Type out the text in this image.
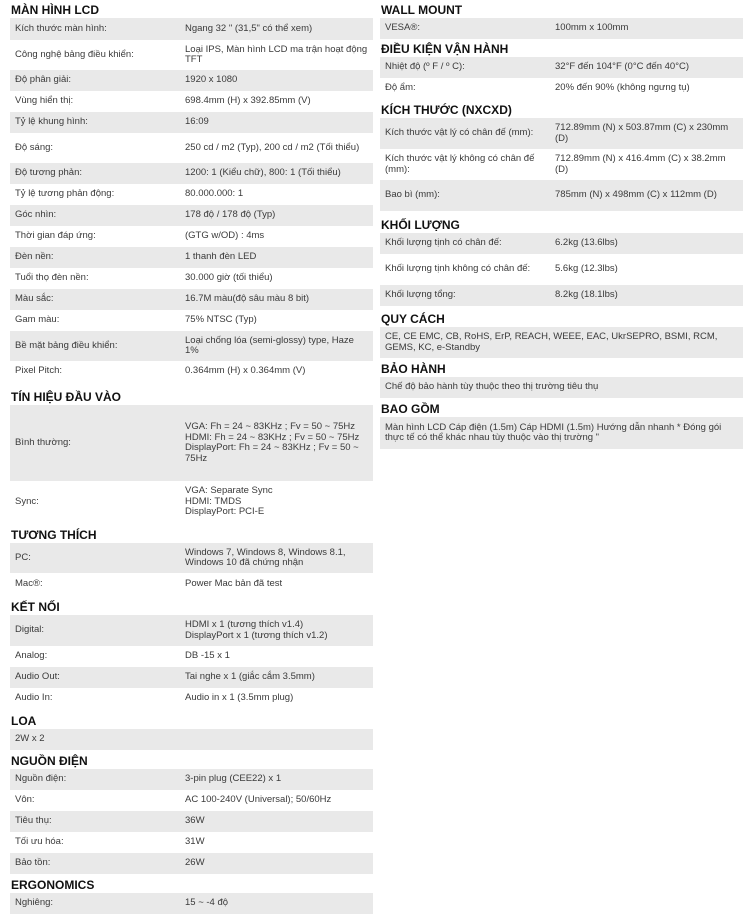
MÀN HÌNH LCD
Kích thước màn hình:	Ngang 32 " (31,5" có thể xem)
Công nghệ bảng điều khiển:	Loại IPS, Màn hình LCD ma trận hoạt động TFT
Độ phân giải:	1920 x 1080
Vùng hiển thị:	698.4mm (H) x 392.85mm (V)
Tỷ lệ khung hình:	16:09
Độ sáng:	250 cd / m2 (Typ), 200 cd / m2 (Tối thiểu)
Độ tương phản:	1200: 1 (Kiểu chữ), 800: 1 (Tối thiểu)
Tỷ lệ tương phản động:	80.000.000: 1
Góc nhìn:	178 độ / 178 độ (Typ)
Thời gian đáp ứng:	(GTG w/OD) : 4ms
Đèn nền:	1 thanh đèn LED
Tuổi thọ đèn nền:	30.000 giờ (tối thiểu)
Màu sắc:	16.7M màu(độ sâu màu 8 bit)
Gam màu:	75% NTSC (Typ)
Bề mặt bảng điều khiển:	Loại chống lóa (semi-glossy) type, Haze 1%
Pixel Pitch:	0.364mm (H) x 0.364mm (V)
TÍN HIỆU ĐẦU VÀO
Bình thường:
VGA: Fh = 24 ~ 83KHz ; Fv = 50 ~ 75Hz
HDMI: Fh = 24 ~ 83KHz ; Fv = 50 ~ 75Hz
DisplayPort: Fh = 24 ~ 83KHz ; Fv = 50 ~ 75Hz
Sync:
VGA: Separate Sync
HDMI: TMDS
DisplayPort: PCI-E
TƯƠNG THÍCH
PC:	Windows 7, Windows 8, Windows 8.1, Windows 10 đã chứng nhận
Mac®:	Power Mac bản đã test
KẾT NỐI
Digital:	HDMI x 1 (tương thích v1.4)
DisplayPort x 1 (tương thích v1.2)
Analog:	DB -15 x 1
Audio Out:	Tai nghe x 1 (giắc cắm 3.5mm)
Audio In:	Audio in x 1 (3.5mm plug)
LOA
2W x 2
NGUỒN ĐIỆN
Nguồn điện:	3-pin plug (CEE22) x 1
Vôn:	AC 100-240V (Universal); 50/60Hz
Tiêu thụ:	36W
Tối ưu hóa:	31W
Bảo tồn:	26W
ERGONOMICS
Nghiêng:	15 ~ -4 độ
WALL MOUNT
VESA®:	100mm x 100mm
ĐIỀU KIỆN VẬN HÀNH
Nhiệt độ (º F / º C):	32°F đến 104°F (0°C đến 40°C)
Độ ẩm:	20% đến 90% (không ngưng tụ)
KÍCH THƯỚC (NXCXD)
Kích thước vật lý có chân đế (mm):	712.89mm (N) x 503.87mm (C) x 230mm (D)
Kích thước vật lý không có chân đế (mm):
712.89mm (N) x 416.4mm (C) x 38.2mm (D)
Bao bì (mm):	785mm (N) x 498mm (C) x 112mm (D)
KHỐI LƯỢNG
Khối lượng tịnh có chân đế:	6.2kg (13.6lbs)
Khối lượng tịnh không có chân đế:	5.6kg (12.3lbs)
Khối lượng tổng:	8.2kg (18.1lbs)
QUY CÁCH
CE, CE EMC, CB, RoHS, ErP, REACH, WEEE, EAC, UkrSEPRO, BSMI, RCM, GEMS, KC, e-Standby
BẢO HÀNH
Chế độ bảo hành tùy thuộc theo thị trường tiêu thụ
BAO GỒM
Màn hình LCD Cáp điện (1.5m) Cáp HDMI (1.5m) Hướng dẫn nhanh * Đóng gói thực tế có thể khác nhau tùy thuộc vào thị trường "
